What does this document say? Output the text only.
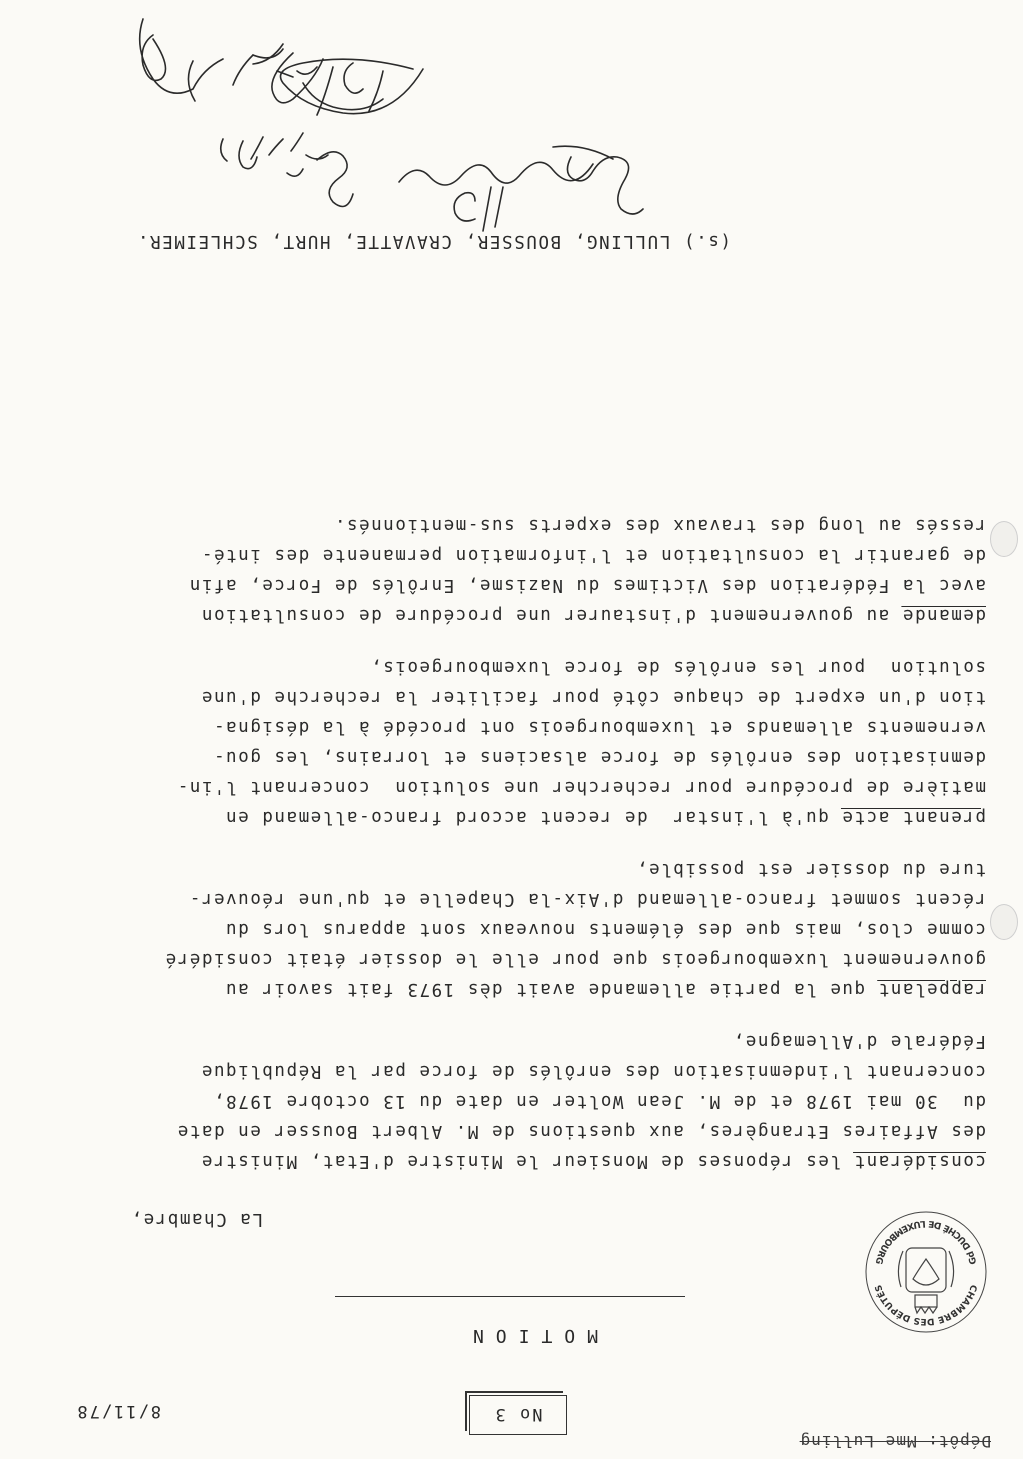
Dépôt: Mme Lulling
No 3
8/11/78
CHAMBRE DES DÉPUTÉS
Gd DUCHÉ DE LUXEMBOURG
MOTION
La Chambre,
considérant les réponses de Monsieur le Ministre d'Etat, Ministre
des Affaires Etrangères, aux questions de M. Albert Bousser en date
du  30 mai 1978 et de M. Jean Wolter en date du 13 octobre 1978,
concernant l'indemnisation des enrôlés de force par la République
Fédérale d'Allemagne,
rappelant que la partie allemande avait dès 1973 fait savoir au
gouvernement luxembourgeois que pour elle le dossier était considéré
comme clos, mais que des éléments nouveaux sont apparus lors du
récent sommet franco-allemand d'Aix-la Chapelle et qu'une réouver-
ture du dossier est possible,
prenant acte qu'à l'instar  de recent accord franco-allemand en
matière de procédure pour rechercher une solution  concernant l'in-
demnisation des enrôlés de force alsaciens et lorrains, les gou-
vernements allemands et luxembourgeois ont procédé à la désigna-
tion d'un expert de chaque côté pour faciliter la recherche d'une
solution  pour les enrôlés de force luxembourgeois,
demande au gouvernement d'instaurer une procédure de consultation
avec la Fédération des Victimes du Nazisme, Enrôlés de Force, afin
de garantir la consultation et l'information permanente des inté-
ressés au long des travaux des experts sus-mentionnés.
(s.) LULLING, BOUSSER, CRAVATTE, HURT, SCHLEIMER.
